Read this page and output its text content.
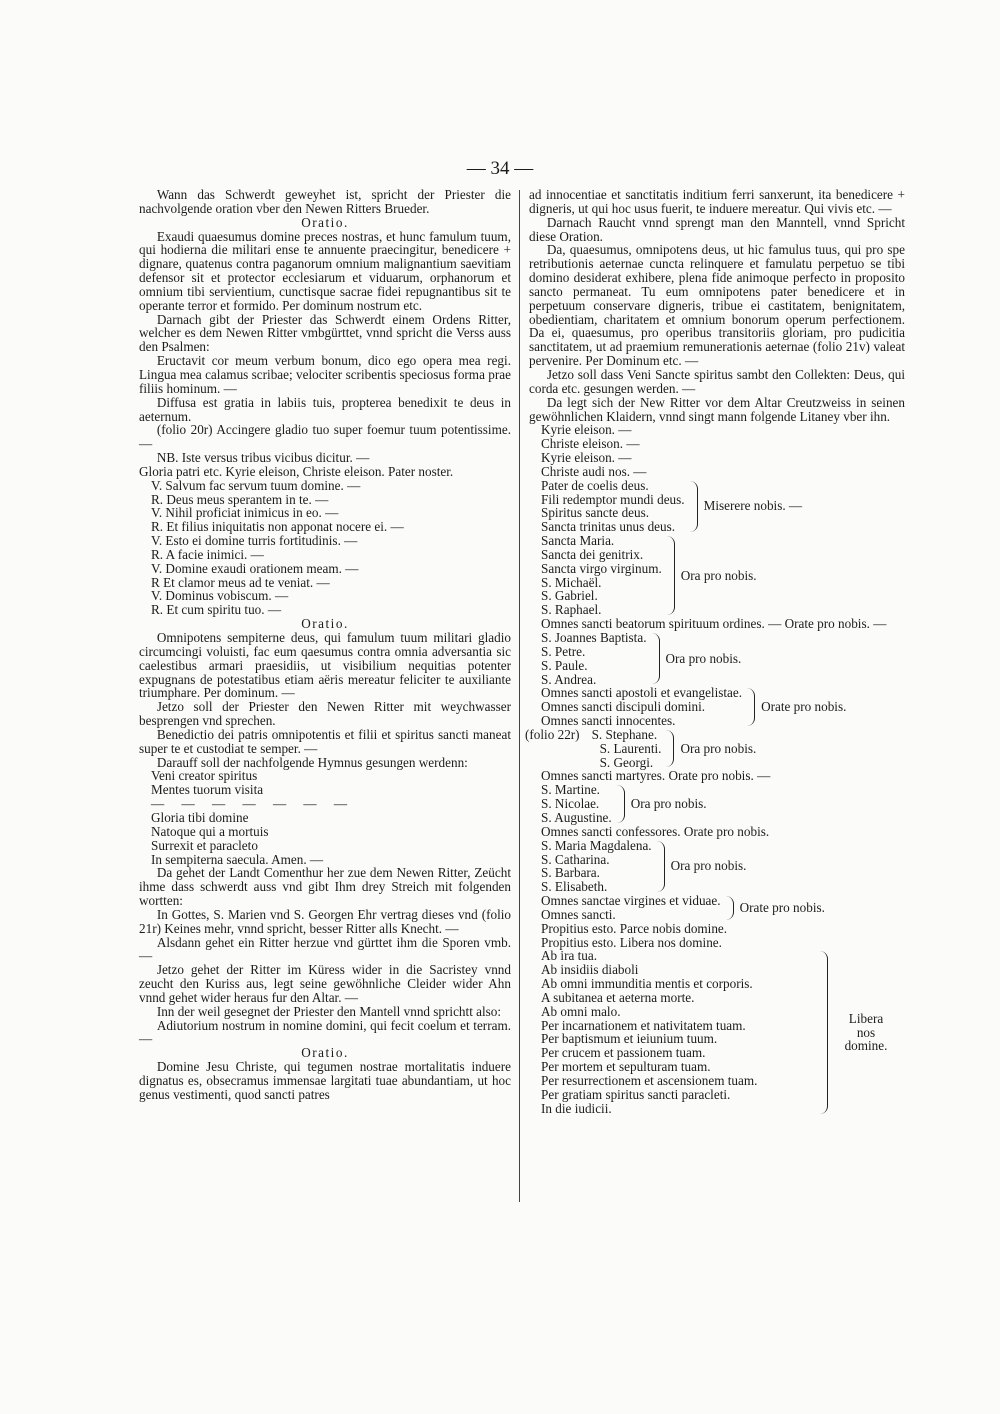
— 34 —

Wann das Schwerdt geweyhet ist, spricht der Priester die nachvolgende oration vber den Newen Ritters Brueder.

Oratio.

Exaudi quaesumus domine preces nostras, et hunc famulum tuum, qui hodierna die militari ense te annuente praecingitur, benedicere + dignare, quatenus contra paganorum omnium malignantium saevitiam defensor sit et protector ecclesiarum et viduarum, orphanorum et omnium tibi servientium, cunctisque sacrae fidei repugnantibus sit te operante terror et formido. Per dominum nostrum etc.

Darnach gibt der Priester das Schwerdt einem Ordens Ritter, welcher es dem Newen Ritter vmbgürttet, vnnd spricht die Verss auss den Psalmen:

Eructavit cor meum verbum bonum, dico ego opera mea regi. Lingua mea calamus scribae; velociter scribentis speciosus forma prae filiis hominum. —

Diffusa est gratia in labiis tuis, propterea benedixit te deus in aeternum.

(folio 20r) Accingere gladio tuo super foemur tuum potentissime. —

NB. Iste versus tribus vicibus dicitur. —

Gloria patri etc. Kyrie eleison, Christe eleison. Pater noster.

V. Salvum fac servum tuum domine. —

R. Deus meus sperantem in te. —

V. Nihil proficiat inimicus in eo. —

R. Et filius iniquitatis non apponat nocere ei. —

V. Esto ei domine turris fortitudinis. —

R. A facie inimici. —

V. Domine exaudi orationem meam. —

R Et clamor meus ad te veniat. —

V. Dominus vobiscum. —

R. Et cum spiritu tuo. —

Oratio.

Omnipotens sempiterne deus, qui famulum tuum militari gladio circumcingi voluisti, fac eum qaesumus contra omnia adversantia sic caelestibus armari praesidiis, ut visibilium nequitias potenter expugnans de potestatibus etiam aëris mereatur feliciter te auxiliante triumphare. Per dominum. —

Jetzo soll der Priester den Newen Ritter mit weychwasser besprengen vnd sprechen.

Benedictio dei patris omnipotentis et filii et spiritus sancti maneat super te et custodiat te semper. —

Darauff soll der nachfolgende Hymnus gesungen werdenn:

Veni creator spiritus

Mentes tuorum visita

— — — — — — —

Gloria tibi domine

Natoque qui a mortuis

Surrexit et paracleto

In sempiterna saecula. Amen. —

Da gehet der Landt Comenthur her zue dem Newen Ritter, Zeücht ihme dass schwerdt auss vnd gibt Ihm drey Streich mit folgenden wortten:

In Gottes, S. Marien vnd S. Georgen Ehr vertrag dieses vnd (folio 21r) Keines mehr, vnnd spricht, besser Ritter alls Knecht. —

Alsdann gehet ein Ritter herzue vnd gürttet ihm die Sporen vmb. —

Jetzo gehet der Ritter im Küress wider in die Sacristey vnnd zeucht den Kuriss aus, legt seine gewöhnliche Cleider wider Ahn vnnd gehet wider heraus fur den Altar. —

Inn der weil gesegnet der Priester den Mantell vnnd sprichtt also:

Adiutorium nostrum in nomine domini, qui fecit coelum et terram. —

Oratio.

Domine Jesu Christe, qui tegumen nostrae mortalitatis induere dignatus es, obsecramus immensae largitati tuae abundantiam, ut hoc genus vestimenti, quod sancti patres

ad innocentiae et sanctitatis inditium ferri sanxerunt, ita benedicere + digneris, ut qui hoc usus fuerit, te induere mereatur. Qui vivis etc. —

Darnach Raucht vnnd sprengt man den Manntell, vnnd Spricht diese Oration.

Da, quaesumus, omnipotens deus, ut hic famulus tuus, qui pro spe retributionis aeternae cuncta relinquere et famulatu perpetuo se tibi domino desiderat exhibere, plena fide animoque perfecto in proposito sancto permaneat. Tu eum omnipotens pater benedicere et in perpetuum conservare digneris, tribue ei castitatem, benignitatem, obedientiam, charitatem et omnium bonorum operum perfectionem. Da ei, quaesumus, pro operibus transitoriis gloriam, pro pudicitia sanctitatem, ut ad praemium remunerationis aeternae (folio 21v) valeat pervenire. Per Dominum etc. —

Jetzo soll dass Veni Sancte spiritus sambt den Collekten: Deus, qui corda etc. gesungen werden. —

Da legt sich der New Ritter vor dem Altar Creutzweiss in seinen gewöhnlichen Klaidern, vnnd singt mann folgende Litaney vber ihn.

Kyrie eleison. —

Christe eleison. —

Kyrie eleison. —

Christe audi nos. —

Pater de coelis deus.

Fili redemptor mundi deus.

Spiritus sancte deus.

Sancta trinitas unus deus.

Miserere nobis. —

Sancta Maria.

Sancta dei genitrix.

Sancta virgo virginum.

S. Michaël.

S. Gabriel.

S. Raphael.

Ora pro nobis.

Omnes sancti beatorum spirituum ordines. — Orate pro nobis. —

S. Joannes Baptista.

S. Petre.

S. Paule.

S. Andrea.

Ora pro nobis.

Omnes sancti apostoli et evangelistae.

Omnes sancti discipuli domini.

Omnes sancti innocentes.

Orate pro nobis.
(folio 22r) S. Stephane.

S. Laurenti.

S. Georgi.

Ora pro nobis.

Omnes sancti martyres. Orate pro nobis. —

S. Martine.

S. Nicolae.

S. Augustine.

Ora pro nobis.

Omnes sancti confessores. Orate pro nobis.

S. Maria Magdalena.

S. Catharina.

S. Barbara.

S. Elisabeth.

Ora pro nobis.

Omnes sanctae virgines et viduae.

Omnes sancti.	Orate pro nobis.

Propitius esto. Parce nobis domine.

Propitius esto. Libera nos domine.

Ab ira tua.

Ab insidiis diaboli

Ab omni immunditia mentis et corporis.

A subitanea et aeterna morte.

Ab omni malo.

Per incarnationem et nativitatem tuam.

Per baptismum et ieiunium tuum.

Per crucem et passionem tuam.

Per mortem et sepulturam tuam.

Per resurrectionem et ascensionem tuam.

Per gratiam spiritus sancti paracleti.

In die iudicii.

Libera
nos
domine.
